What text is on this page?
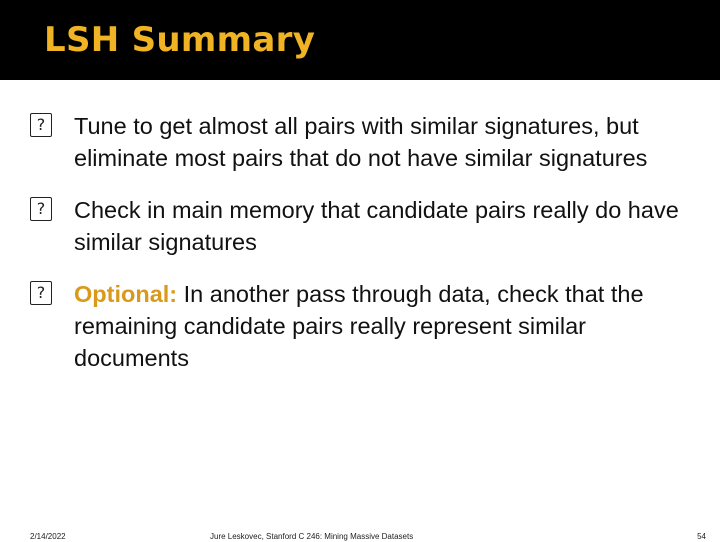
LSH Summary
?
Tune to get almost all pairs with similar signatures, but eliminate most pairs that do not have similar signatures
?
Check in main memory that candidate pairs really do have similar signatures
?
Optional: In another pass through data, check that the remaining candidate pairs really represent similar documents
2/14/2022	Jure Leskovec, Stanford C 246: Mining Massive Datasets	54
